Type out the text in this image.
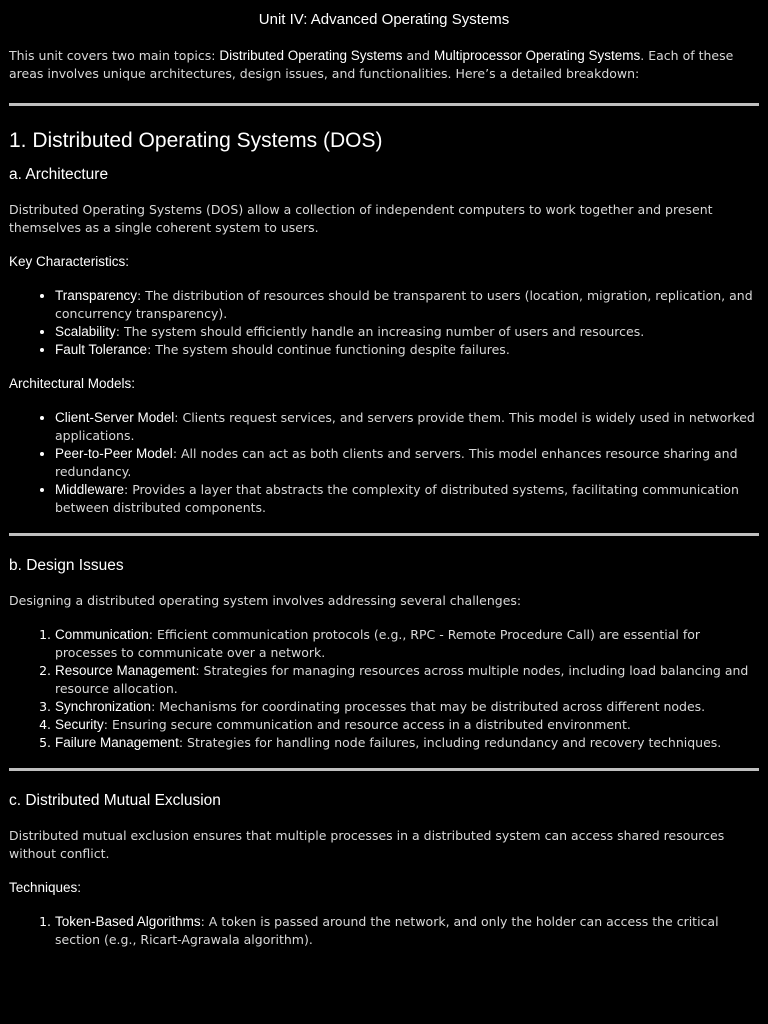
Unit IV: Advanced Operating Systems

This unit covers two main topics: Distributed Operating Systems and Multiprocessor Operating Systems. Each of these areas involves unique architectures, design issues, and functionalities. Here’s a detailed breakdown:

1. Distributed Operating Systems (DOS)
a. Architecture

Distributed Operating Systems (DOS) allow a collection of independent computers to work together and present themselves as a single coherent system to users.

Key Characteristics:

• Transparency: The distribution of resources should be transparent to users (location, migration, replication, and concurrency transparency).
• Scalability: The system should efficiently handle an increasing number of users and resources.
• Fault Tolerance: The system should continue functioning despite failures.

Architectural Models:

• Client-Server Model: Clients request services, and servers provide them. This model is widely used in networked applications.
• Peer-to-Peer Model: All nodes can act as both clients and servers. This model enhances resource sharing and redundancy.
• Middleware: Provides a layer that abstracts the complexity of distributed systems, facilitating communication between distributed components.
b. Design Issues

Designing a distributed operating system involves addressing several challenges:

1. Communication: Efficient communication protocols (e.g., RPC - Remote Procedure Call) are essential for processes to communicate over a network.
2. Resource Management: Strategies for managing resources across multiple nodes, including load balancing and resource allocation.
3. Synchronization: Mechanisms for coordinating processes that may be distributed across different nodes.
4. Security: Ensuring secure communication and resource access in a distributed environment.
5. Failure Management: Strategies for handling node failures, including redundancy and recovery techniques.
c. Distributed Mutual Exclusion

Distributed mutual exclusion ensures that multiple processes in a distributed system can access shared resources without conflict.

Techniques:

1. Token-Based Algorithms: A token is passed around the network, and only the holder can access the critical section (e.g., Ricart-Agrawala algorithm).
